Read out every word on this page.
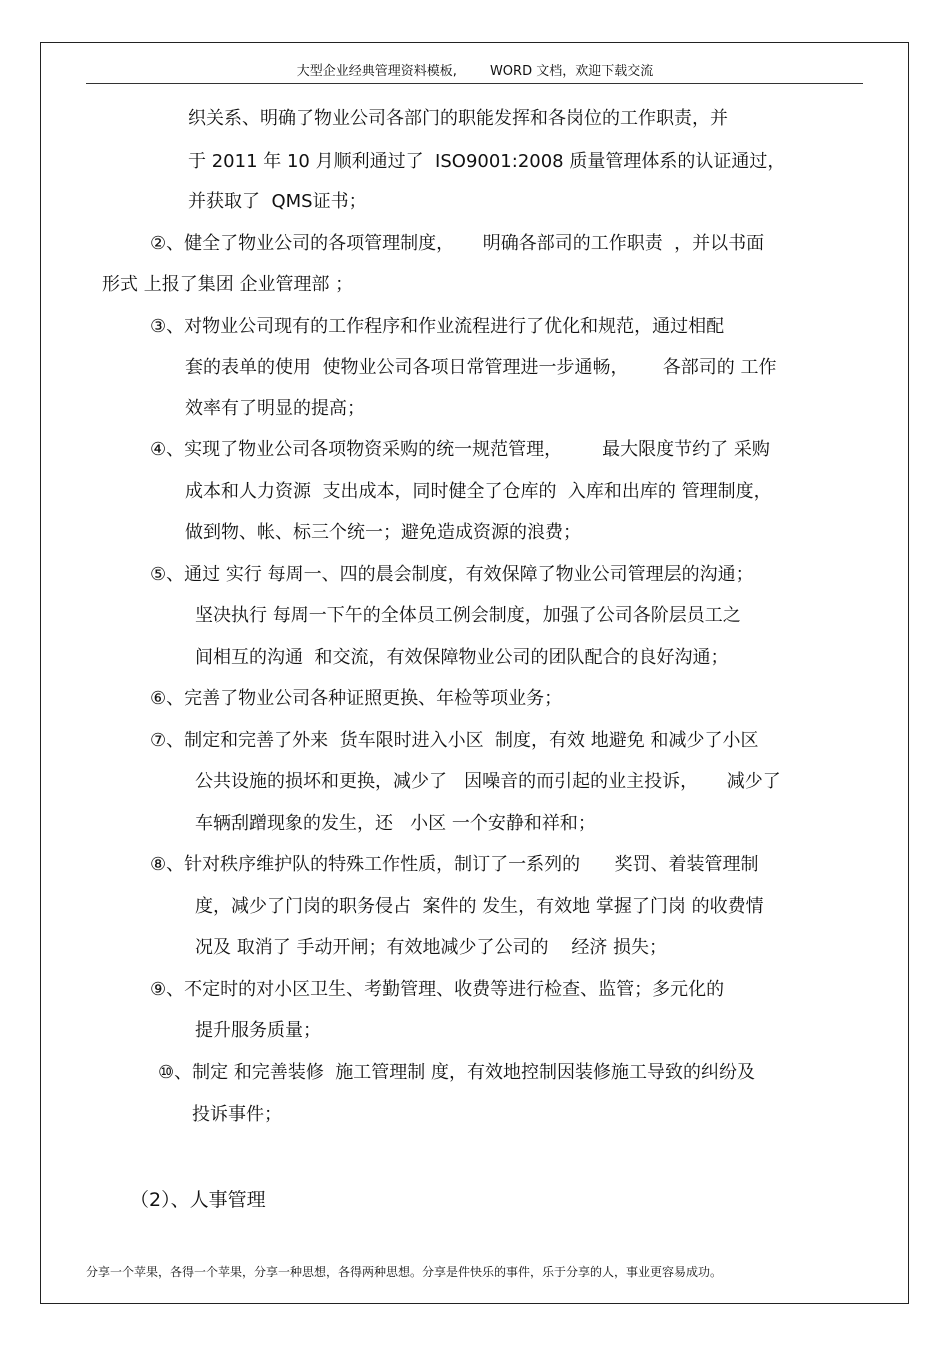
大型企业经典管理资料模板,        WORD 文档，欢迎下载交流
织关系、明确了物业公司各部门的职能发挥和各岗位的工作职责，并
于 2011 年 10 月顺利通过了  ISO9001:2008 质量管理体系的认证通过，
并获取了  QMS证书；
②、健全了物业公司的各项管理制度，     明确各部司的工作职责  ，并以书面
形式 上报了集团 企业管理部 ；
③、对物业公司现有的工作程序和作业流程进行了优化和规范，通过相配
套的表单的使用  使物业公司各项日常管理进一步通畅，      各部司的 工作
效率有了明显的提高；
④、实现了物业公司各项物资采购的统一规范管理，       最大限度节约了 采购
成本和人力资源  支出成本，同时健全了仓库的  入库和出库的 管理制度，
做到物、帐、标三个统一；避免造成资源的浪费；
⑤、通过 实行 每周一、四的晨会制度，有效保障了物业公司管理层的沟通；
坚决执行 每周一下午的全体员工例会制度，加强了公司各阶层员工之
间相互的沟通  和交流，有效保障物业公司的团队配合的良好沟通；
⑥、完善了物业公司各种证照更换、年检等项业务；
⑦、制定和完善了外来  货车限时进入小区  制度，有效 地避免 和减少了小区
公共设施的损坏和更换，减少了   因噪音的而引起的业主投诉，     减少了
车辆刮蹭现象的发生，还   小区 一个安静和祥和；
⑧、针对秩序维护队的特殊工作性质，制订了一系列的      奖罚、着装管理制
度，减少了门岗的职务侵占  案件的 发生，有效地 掌握了门岗 的收费情
况及 取消了 手动开闸；有效地减少了公司的    经济 损失；
⑨、不定时的对小区卫生、考勤管理、收费等进行检查、监管；多元化的
提升服务质量；
⑩、制定 和完善装修  施工管理制 度，有效地控制因装修施工导致的纠纷及
投诉事件；
（2）、人事管理
分享一个苹果，各得一个苹果，分享一种思想，各得两种思想。分享是件快乐的事件，乐于分享的人，事业更容易成功。
